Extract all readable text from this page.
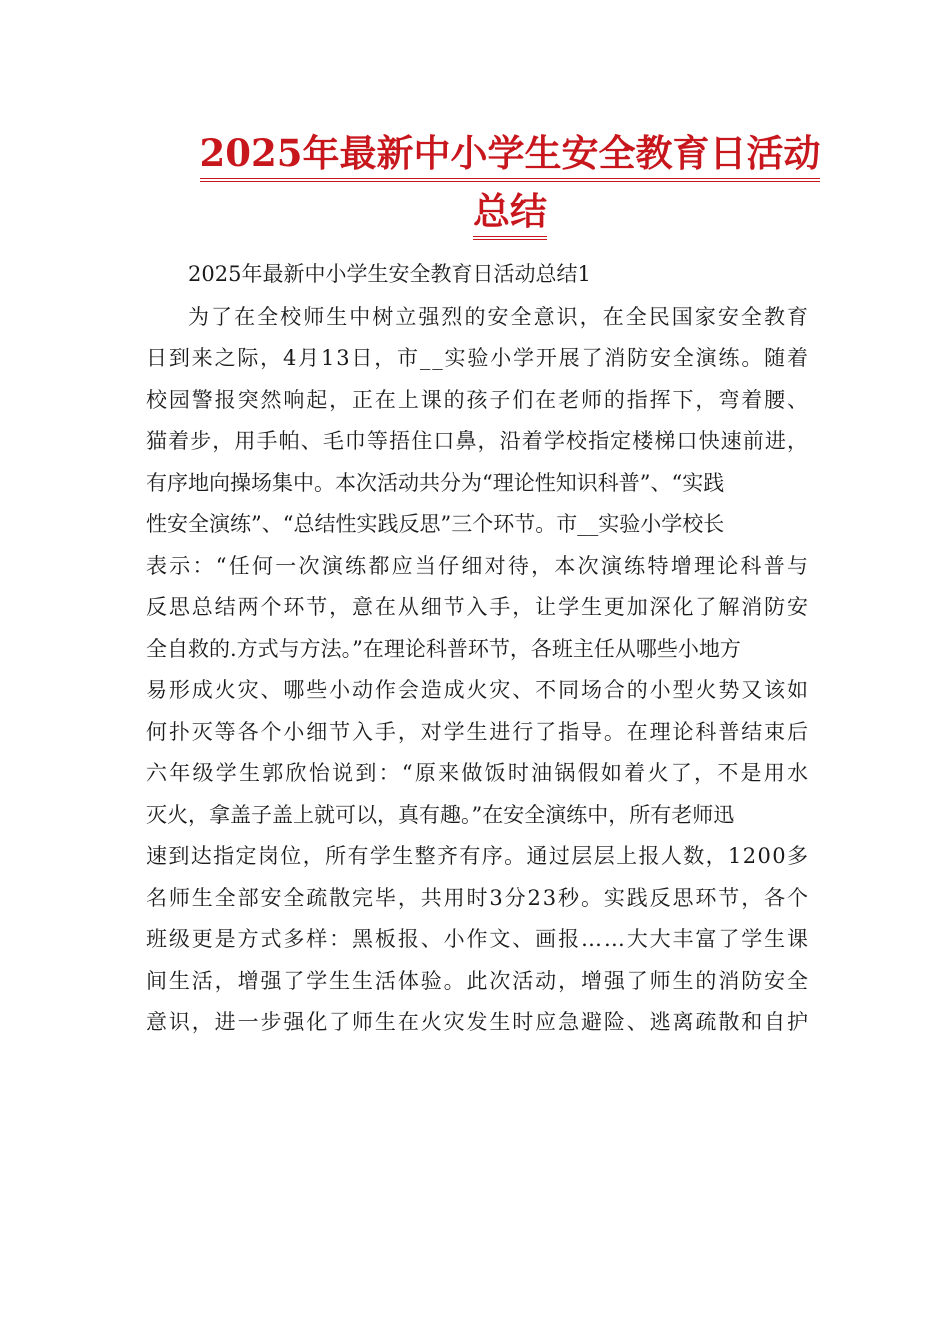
2025年最新中小学生安全教育日活动
总结
2025年最新中小学生安全教育日活动总结1
为了在全校师生中树立强烈的安全意识，在全民国家安全教育
日到来之际，4月13日，市__实验小学开展了消防安全演练。随着
校园警报突然响起，正在上课的孩子们在老师的指挥下，弯着腰、
猫着步，用手帕、毛巾等捂住口鼻，沿着学校指定楼梯口快速前进，
有序地向操场集中。本次活动共分为“理论性知识科普”、“实践
性安全演练”、“总结性实践反思”三个环节。市__实验小学校长
表示：“任何一次演练都应当仔细对待，本次演练特增理论科普与
反思总结两个环节，意在从细节入手，让学生更加深化了解消防安
全自救的.方式与方法。”在理论科普环节，各班主任从哪些小地方
易形成火灾、哪些小动作会造成火灾、不同场合的小型火势又该如
何扑灭等各个小细节入手，对学生进行了指导。在理论科普结束后
六年级学生郭欣怡说到：“原来做饭时油锅假如着火了，不是用水
灭火，拿盖子盖上就可以，真有趣。”在安全演练中，所有老师迅
速到达指定岗位，所有学生整齐有序。通过层层上报人数，1200多
名师生全部安全疏散完毕，共用时3分23秒。实践反思环节，各个
班级更是方式多样：黑板报、小作文、画报……大大丰富了学生课
间生活，增强了学生生活体验。此次活动，增强了师生的消防安全
意识，进一步强化了师生在火灾发生时应急避险、逃离疏散和自护
